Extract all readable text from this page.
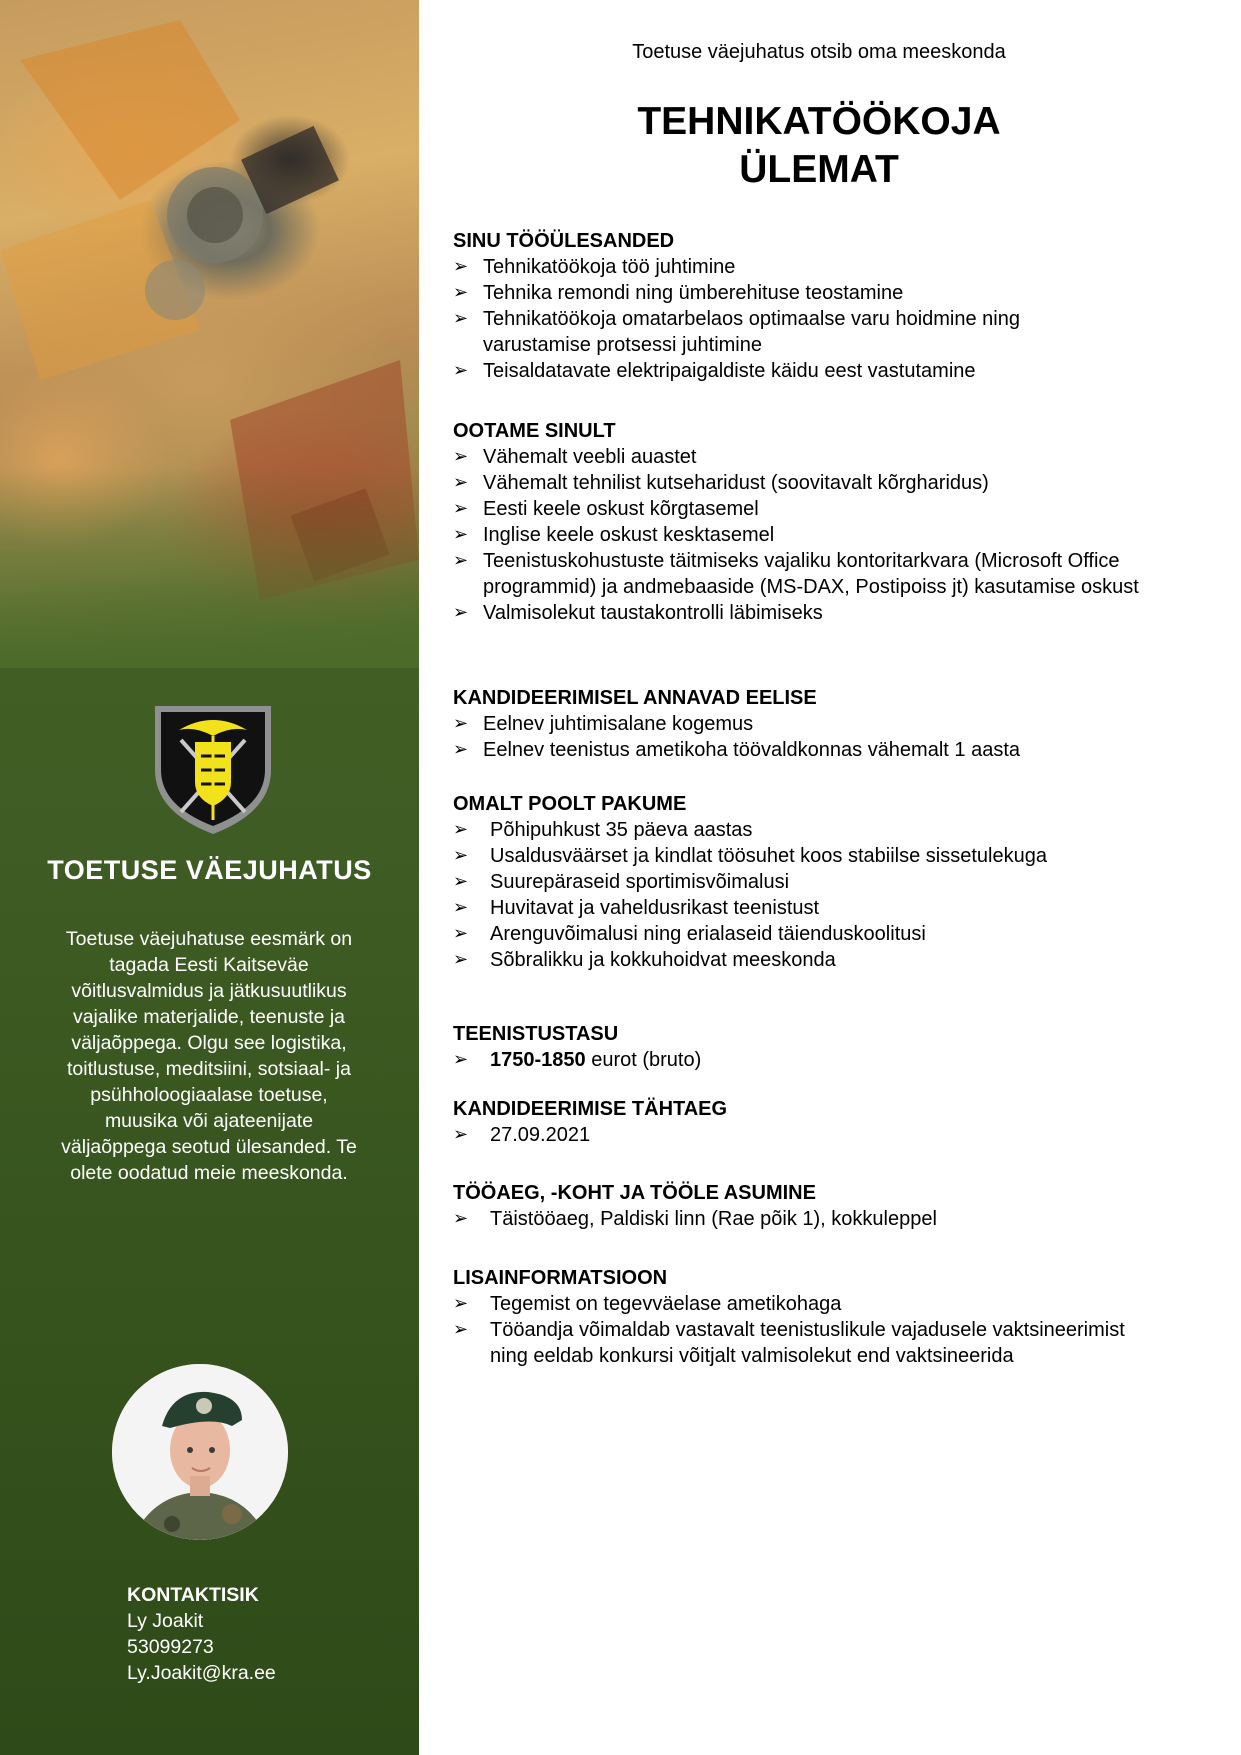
TOETUSE VÄEJUHATUS
Toetuse väejuhatuse eesmärk on tagada Eesti Kaitseväe võitlusvalmidus ja jätkusuutlikus vajalike materjalide, teenuste ja väljaõppega. Olgu see logistika, toitlustuse, meditsiini, sotsiaal- ja psühholoogiaalase toetuse, muusika või ajateenijate väljaõppega seotud ülesanded. Te olete oodatud meie meeskonda.
KONTAKTISIK
Ly Joakit
53099273
Ly.Joakit@kra.ee
Toetuse väejuhatus otsib oma meeskonda
TEHNIKATÖÖKOJA
ÜLEMAT
SINU TÖÖÜLESANDED
➢ Tehnikatöökoja töö juhtimine
➢ Tehnika remondi ning ümberehituse teostamine
➢ Tehnikatöökoja omatarbelaos optimaalse varu hoidmine ning varustamise protsessi juhtimine
➢ Teisaldatavate elektripaigaldiste käidu eest vastutamine
OOTAME SINULT
➢ Vähemalt veebli auastet
➢ Vähemalt tehnilist kutseharidust (soovitavalt kõrgharidus)
➢ Eesti keele oskust kõrgtasemel
➢ Inglise keele oskust kesktasemel
➢ Teenistuskohustuste täitmiseks vajaliku kontoritarkvara (Microsoft Office programmid) ja andmebaaside (MS-DAX, Postipoiss jt) kasutamise oskust
➢ Valmisolekut taustakontrolli läbimiseks
KANDIDEERIMISEL ANNAVAD EELISE
➢ Eelnev juhtimisalane kogemus
➢ Eelnev teenistus ametikoha töövaldkonnas vähemalt 1 aasta
OMALT POOLT PAKUME
➢ Põhipuhkust 35 päeva aastas
➢ Usaldusväärset ja kindlat töösuhet koos stabiilse sissetulekuga
➢ Suurepäraseid sportimisvõimalusi
➢ Huvitavat ja vaheldusrikast teenistust
➢ Arenguvõimalusi ning erialaseid täienduskoolitusi
➢ Sõbralikku ja kokkuhoidvat meeskonda
TEENISTUSTASU
➢ 1750-1850 eurot (bruto)
KANDIDEERIMISE TÄHTAEG
➢ 27.09.2021
TÖÖAEG, -KOHT JA TÖÖLE ASUMINE
➢ Täistööaeg, Paldiski linn (Rae põik 1), kokkuleppel
LISAINFORMATSIOON
➢ Tegemist on tegevväelase ametikohaga
➢ Tööandja võimaldab vastavalt teenistuslikule vajadusele vaktsineerimist ning eeldab konkursi võitjalt valmisolekut end vaktsineerida
